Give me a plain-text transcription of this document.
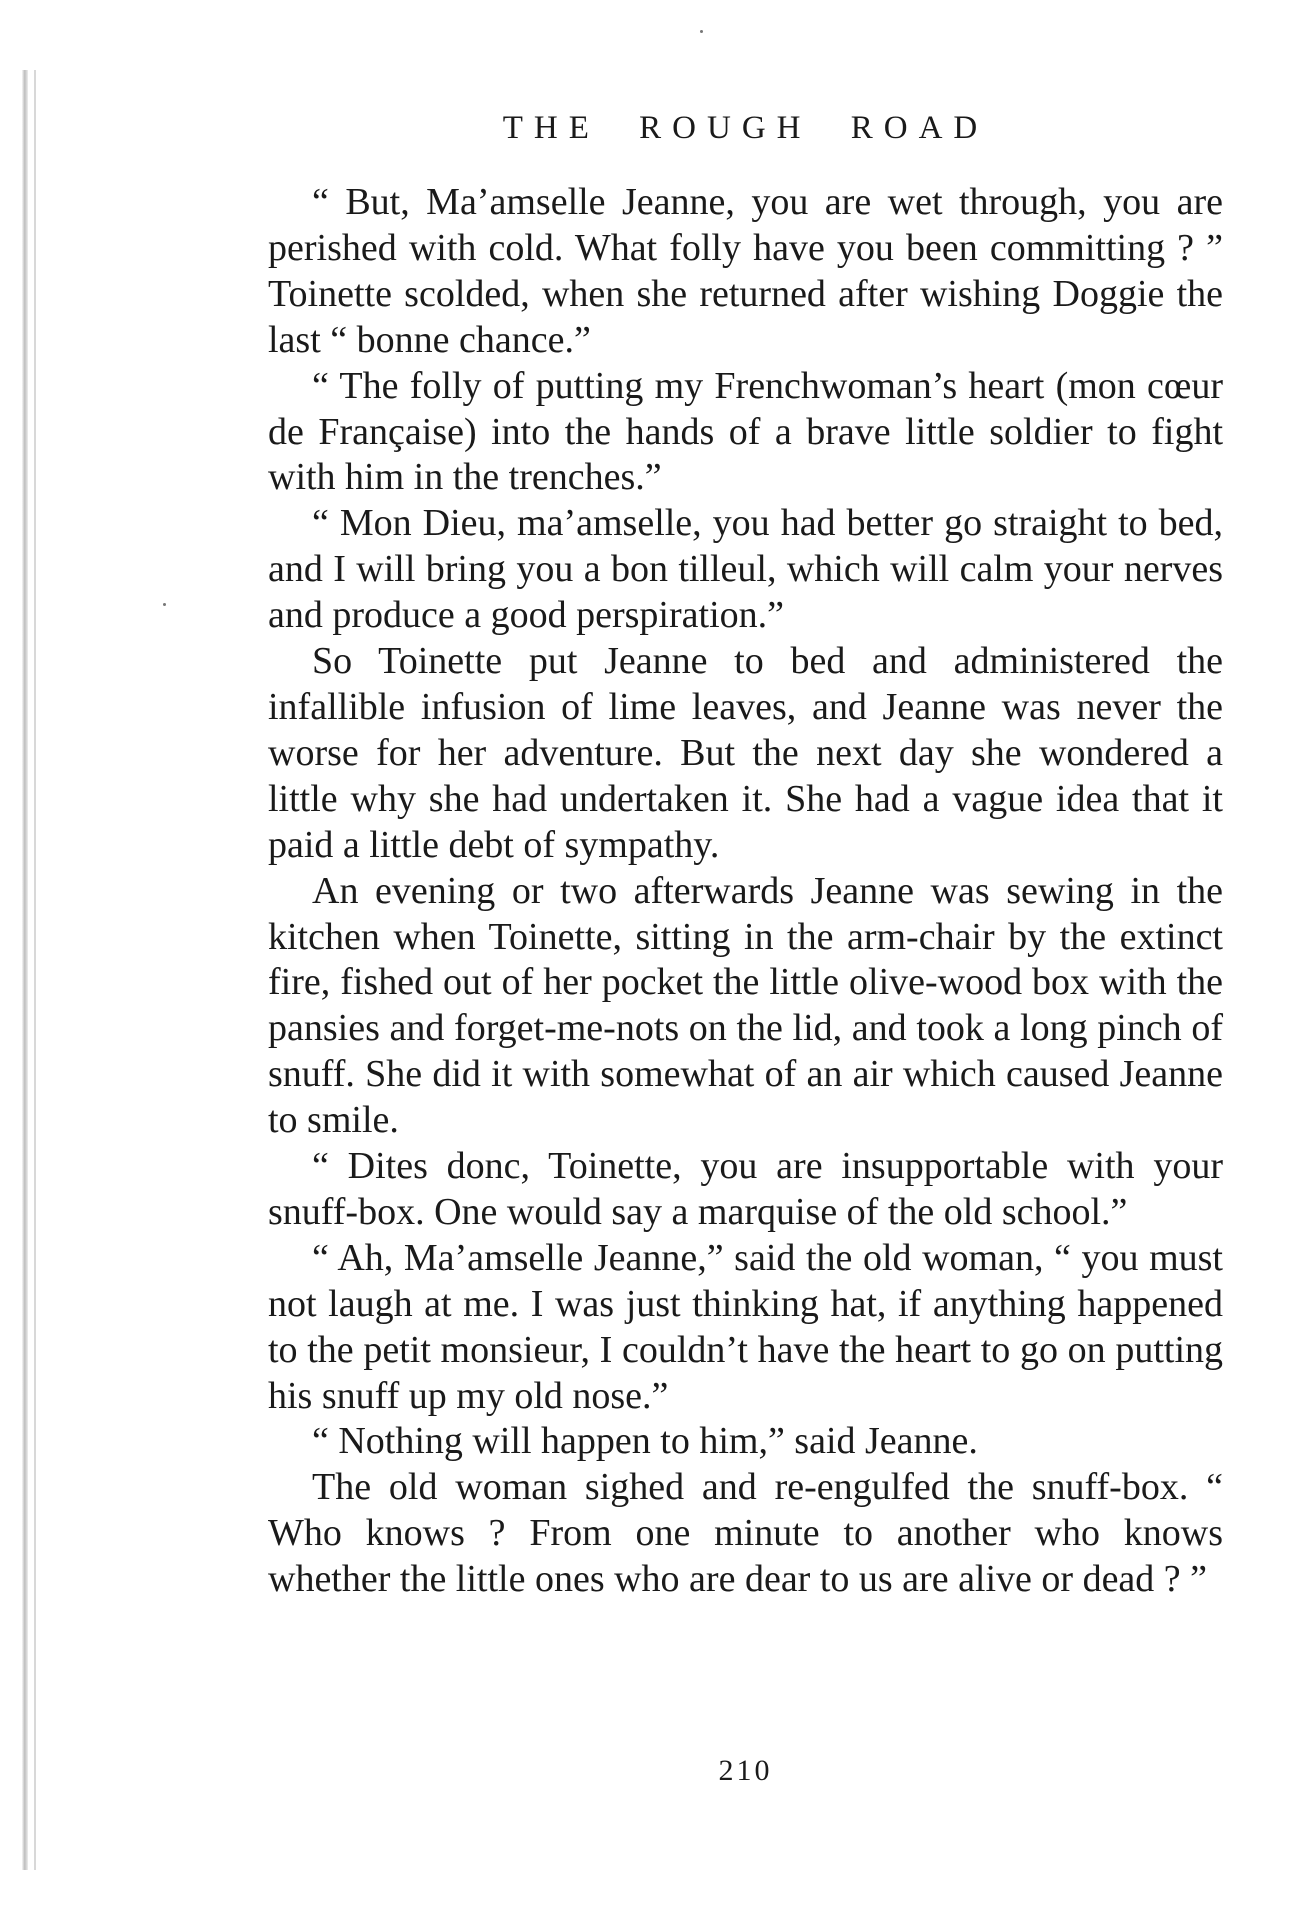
THE ROUGH ROAD

“ But, Ma’amselle Jeanne, you are wet through, you are perished with cold. What folly have you been committing ? ” Toinette scolded, when she returned after wishing Doggie the last “ bonne chance.”

“ The folly of putting my Frenchwoman’s heart (mon cœur de Française) into the hands of a brave little soldier to fight with him in the trenches.”

“ Mon Dieu, ma’amselle, you had better go straight to bed, and I will bring you a bon tilleul, which will calm your nerves and produce a good perspiration.”

So Toinette put Jeanne to bed and administered the infallible infusion of lime leaves, and Jeanne was never the worse for her adventure. But the next day she wondered a little why she had undertaken it. She had a vague idea that it paid a little debt of sympathy.

An evening or two afterwards Jeanne was sewing in the kitchen when Toinette, sitting in the arm-chair by the extinct fire, fished out of her pocket the little olive-wood box with the pansies and forget-me-nots on the lid, and took a long pinch of snuff. She did it with somewhat of an air which caused Jeanne to smile.

“ Dites donc, Toinette, you are insupportable with your snuff-box. One would say a marquise of the old school.”

“ Ah, Ma’amselle Jeanne,” said the old woman, “ you must not laugh at me. I was just thinking hat, if anything happened to the petit monsieur, I couldn’t have the heart to go on putting his snuff up my old nose.”

“ Nothing will happen to him,” said Jeanne.

The old woman sighed and re-engulfed the snuff-box. “ Who knows ? From one minute to another who knows whether the little ones who are dear to us are alive or dead ? ”

210
